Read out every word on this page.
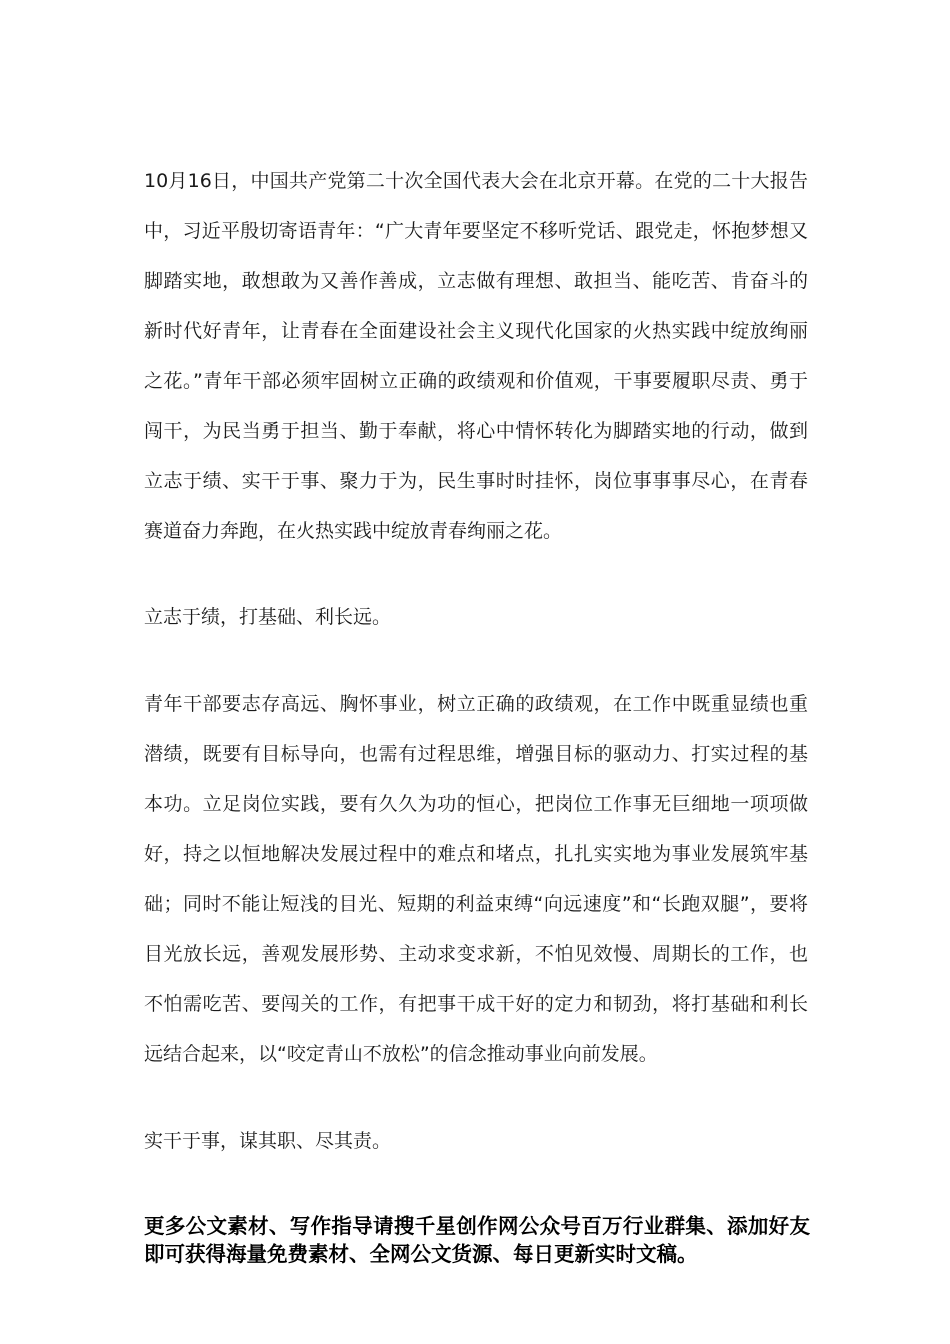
10月16日，中国共产党第二十次全国代表大会在北京开幕。在党的二十大报告中，习近平殷切寄语青年：“广大青年要坚定不移听党话、跟党走，怀抱梦想又脚踏实地，敢想敢为又善作善成，立志做有理想、敢担当、能吃苦、肯奋斗的新时代好青年，让青春在全面建设社会主义现代化国家的火热实践中绽放绚丽之花。”青年干部必须牢固树立正确的政绩观和价值观，干事要履职尽责、勇于闯干，为民当勇于担当、勤于奉献，将心中情怀转化为脚踏实地的行动，做到立志于绩、实干于事、聚力于为，民生事时时挂怀，岗位事事事尽心，在青春赛道奋力奔跑，在火热实践中绽放青春绚丽之花。

立志于绩，打基础、利长远。

青年干部要志存高远、胸怀事业，树立正确的政绩观，在工作中既重显绩也重潜绩，既要有目标导向，也需有过程思维，增强目标的驱动力、打实过程的基本功。立足岗位实践，要有久久为功的恒心，把岗位工作事无巨细地一项项做好，持之以恒地解决发展过程中的难点和堵点，扎扎实实地为事业发展筑牢基础；同时不能让短浅的目光、短期的利益束缚“向远速度”和“长跑双腿”，要将目光放长远，善观发展形势、主动求变求新，不怕见效慢、周期长的工作，也不怕需吃苦、要闯关的工作，有把事干成干好的定力和韧劲，将打基础和利长远结合起来，以“咬定青山不放松”的信念推动事业向前发展。

实干于事，谋其职、尽其责。

更多公文素材、写作指导请搜千星创作网公众号百万行业群集、添加好友即可获得海量免费素材、全网公文货源、每日更新实时文稿。
